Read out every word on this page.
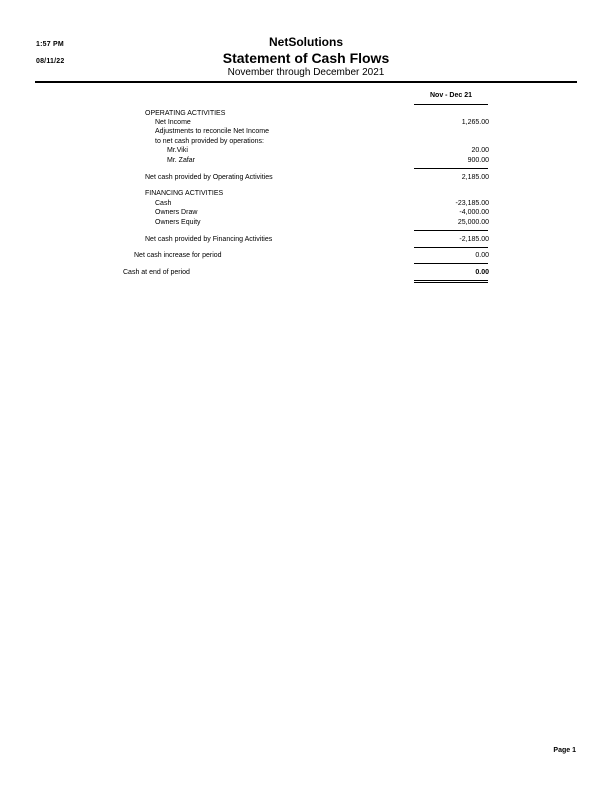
1:57 PM
08/11/22
NetSolutions
Statement of Cash Flows
November through December 2021
Nov - Dec 21
OPERATING ACTIVITIES
Net Income	1,265.00
Adjustments to reconcile Net Income
to net cash provided by operations:
Mr.Viki	20.00
Mr. Zafar	900.00
Net cash provided by Operating Activities	2,185.00
FINANCING ACTIVITIES
Cash	-23,185.00
Owners Draw	-4,000.00
Owners Equity	25,000.00
Net cash provided by Financing Activities	-2,185.00
Net cash increase for period	0.00
Cash at end of period	0.00
Page 1
